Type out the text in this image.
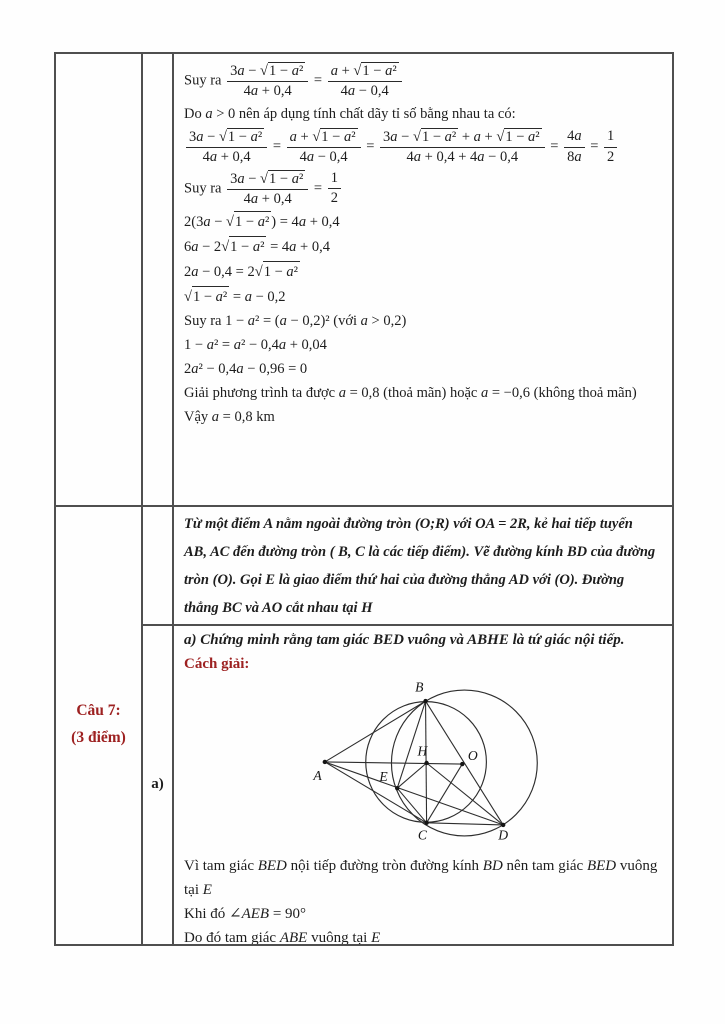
Câu 7:
(3 điểm)
a)
Suy ra $\frac{\text{3a − √ 1 − a²}}{4a + 0,4} = \frac{\text{a + √ 1 − a²}}{4a - 0,4}$
Do a > 0 nên áp dụng tính chất dãy tỉ số bằng nhau ta có:
$\frac{\text{3a − √ 1 − a²}}{4a + 0,4} = \frac{\text{a + √ 1 − a²}}{4a - 0,4} = \frac{\text{3a − √ 1 − a² + a + √ 1 − a²}}{4a + 0,4 + 4a - 0,4} = \frac{4a}{8a} = \frac{1}{2}$
Suy ra $\frac{\text{3a − √ 1 − a²}}{4a + 0,4} = \frac{1}{2}$
2(3a − √ 1 − a² ) = 4a + 0,4
6a − 2 √ 1 − a² = 4a + 0,4
2a − 0,4 = 2 √ 1 − a²
√ 1 − a² = a − 0,2
Suy ra 1 − a² = (a − 0,2)² (với a > 0,2)
1 − a² = a² − 0,4a + 0,04
2a² − 0,4a − 0,96 = 0
Giải phương trình ta được a = 0,8 (thoả mãn) hoặc a = −0,6 (không thoả mãn)
Vậy a = 0,8 km
Từ một điểm A nằm ngoài đường tròn (O;R) với OA = 2R, kẻ hai tiếp tuyến
AB, AC đến đường tròn ( B, C là các tiếp điểm). Vẽ đường kính BD của đường
tròn (O). Gọi E là giao điểm thứ hai của đường thẳng AD với (O). Đường
thẳng BC và AO cắt nhau tại H
a) Chứng minh rằng tam giác BED vuông và ABHE là tứ giác nội tiếp.
Cách giải:
A
B
C	D
E
H	O
Vì tam giác BED nội tiếp đường tròn đường kính BD nên tam giác BED vuông
tại E
Khi đó ∠AEB = 90°
Do đó tam giác ABE vuông tại E
